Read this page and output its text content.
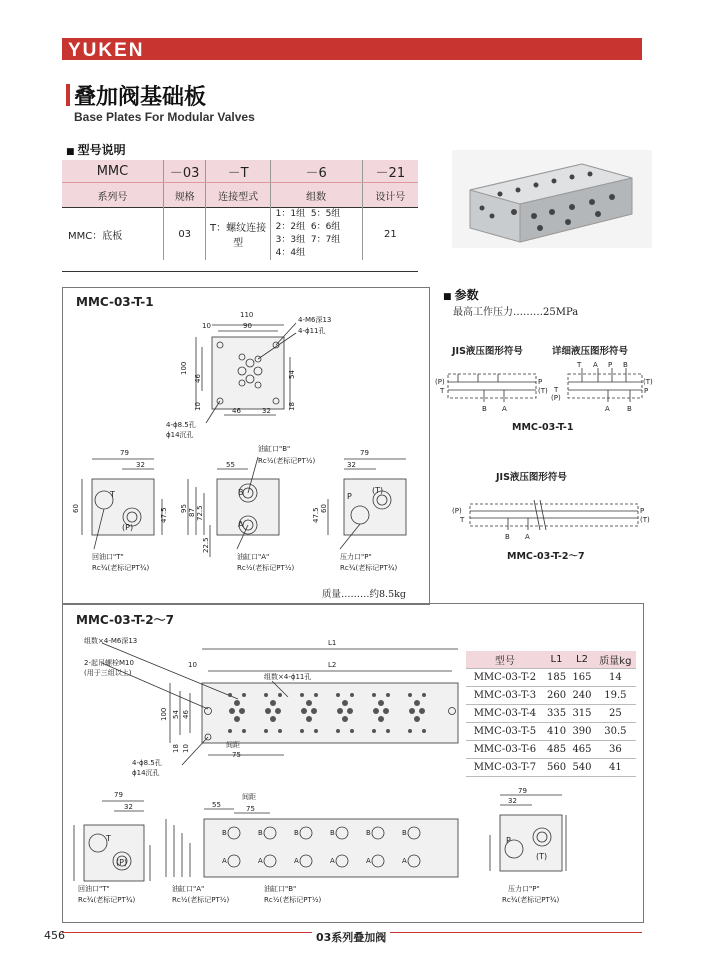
YUKEN
叠加阀基础板
Base Plates For Modular Valves
■ 型号说明
MMC	－03	－T	－6	－21
系列号	规格	连接型式	组数	设计号
MMC：底板	03	T：螺纹连接型	1：1组 5：5组
2：2组 6：6组
3：3组 7：7组
4：4组	21
■ 参数
最高工作压力………25MPa
JIS液压图形符号	详细液压图形符号
(P)
T
P
(T)
B A
T
(P)
T A P B
(T)
P
A B
MMC-03-T-1
JIS液压图形符号
(P)
T
P
(T)
B A
MMC-03-T-2～7
MMC-03-T-1
110
90
10
100
46	54
10	46	32 18
4-M6深13
4-ϕ11孔
4-ϕ8.5孔
ϕ14沉孔
79
32	55
60	47.5 95 87 72.5
22.5
79
32
47.5 60
T
(P)
B
A
P
(T)
回油口"T"
Rc¾(老标记PT¾)
油缸口"B"
Rc½(老标记PT½)
油缸口"A"
Rc½(老标记PT½)
压力口"P"
Rc¾(老标记PT¾)
质量………约8.5kg
MMC-03-T-2～7
组数×4-M6深13
2-起吊螺栓M10
(用于三组以上)	组数×4-ϕ11孔
L1
L2
10
100 54 46
18 10	间距
75
4-ϕ8.5孔
ϕ14沉孔
型号	L1	L2	质量kg
MMC-03-T-2	185	165	14
MMC-03-T-3	260	240	19.5
MMC-03-T-4	335	315	25
MMC-03-T-5	410	390	30.5
MMC-03-T-6	485	465	36
MMC-03-T-7	560	540	41
79
32	55	75
间距
79
32
T
(P)
B
A
B
A
B
A
B
A
B
A
B
A
P
(T)
回油口"T"
Rc¾(老标记PT¾)
油缸口"A"
Rc½(老标记PT½)
油缸口"B"
Rc½(老标记PT½)
压力口"P"
Rc¾(老标记PT¾)
456	03系列叠加阀
